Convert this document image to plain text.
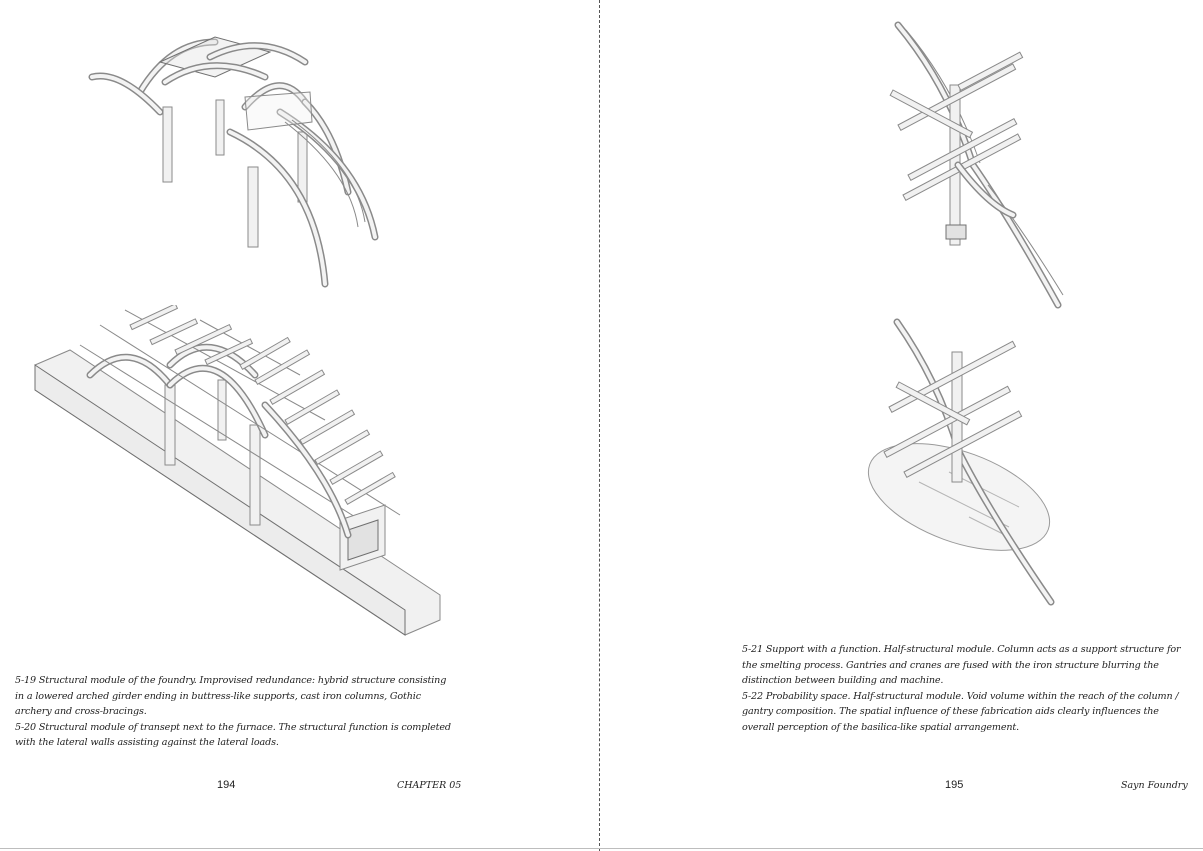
5-19 Structural module of the foundry. Improvised redundance: hybrid structure consisting in a lowered arched girder ending in buttress-like supports, cast iron columns, Gothic archery and cross-bracings.

5-20 Structural module of transept next to the furnace. The structural function is completed with the lateral walls assisting against the lateral loads.

194	CHAPTER 05

5-21 Support with a function. Half-structural module. Column acts as a support structure for the smelting process. Gantries and cranes are fused with the iron structure blurring the distinction between building and machine.

5-22 Probability space. Half-structural module. Void volume within the reach of the column / gantry composition. The spatial influence of these fabrication aids clearly influences the overall perception of the basilica-like spatial arrangement.

195	Sayn Foundry
